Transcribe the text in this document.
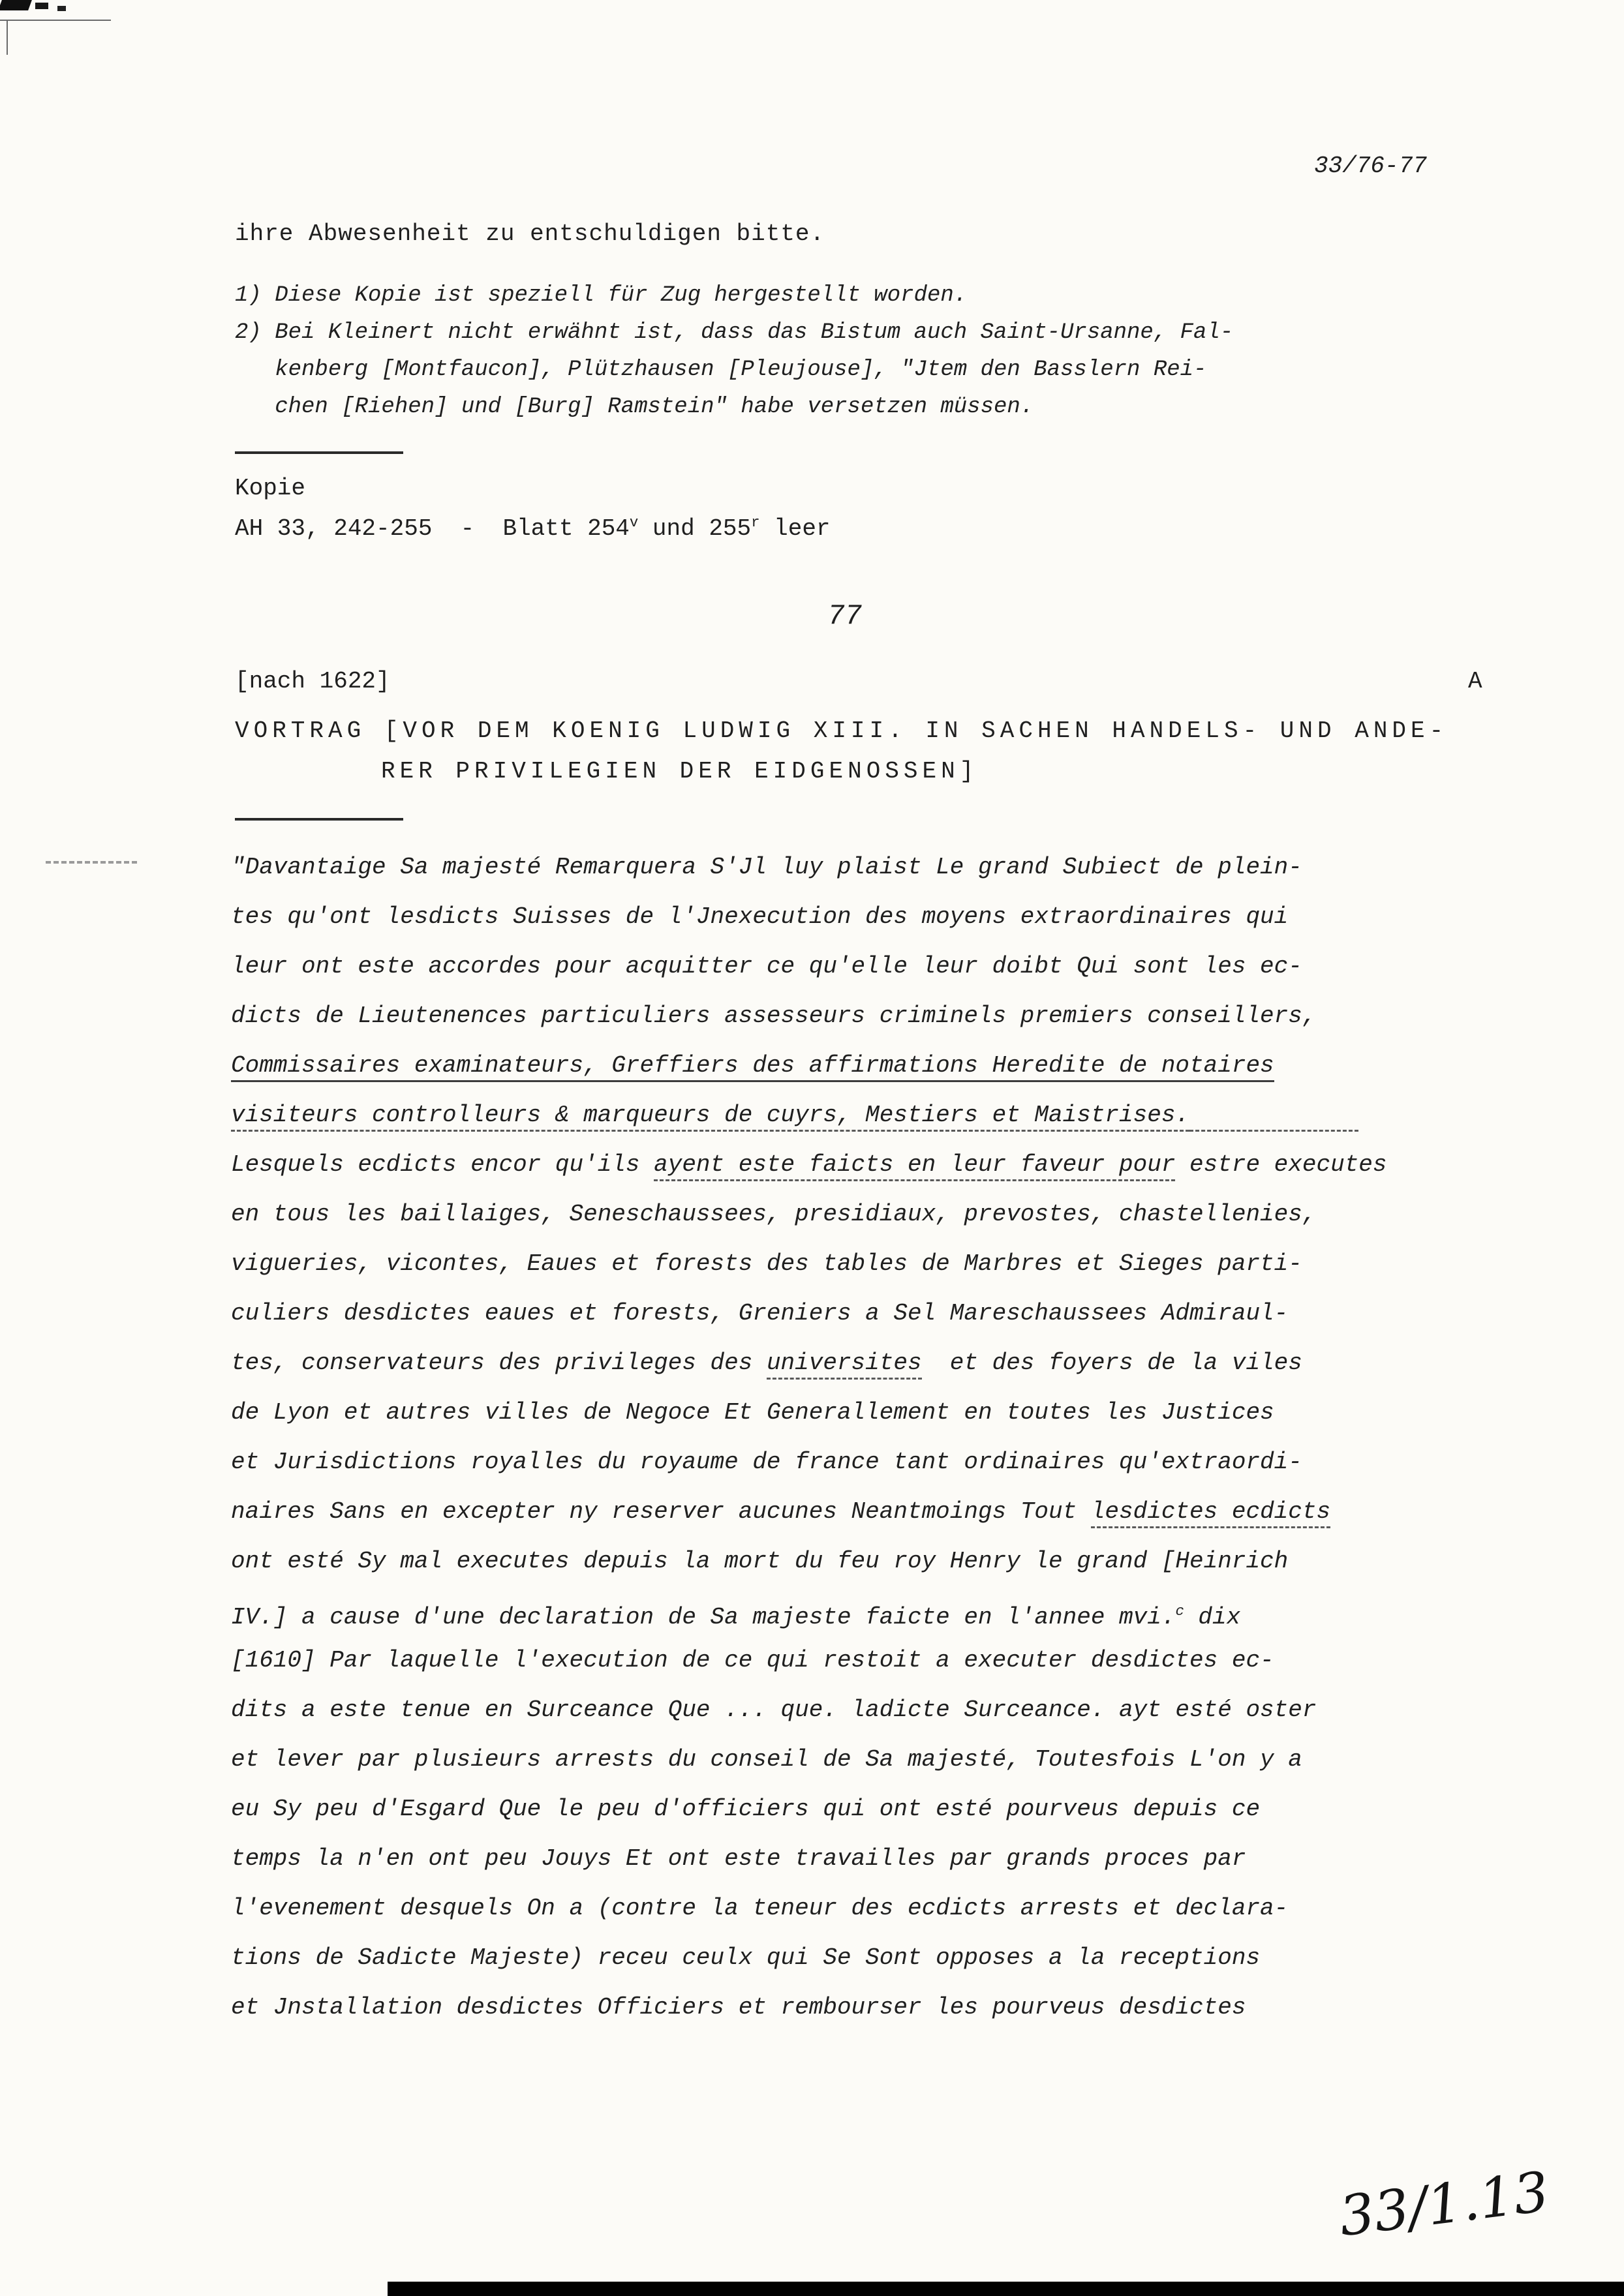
33/76-77
ihre Abwesenheit zu entschuldigen bitte.
1) Diese Kopie ist speziell für Zug hergestellt worden.
2) Bei Kleinert nicht erwähnt ist, dass das Bistum auch Saint-Ursanne, Fal-
kenberg [Montfaucon], Plützhausen [Pleujouse], "Jtem den Basslern Rei-
chen [Riehen] und [Burg] Ramstein" habe versetzen müssen.
Kopie
AH 33, 242-255  -  Blatt 254$^v$ und 255$^r$ leer
77
[nach 1622]	A
VORTRAG [VOR DEM KOENIG LUDWIG XIII. IN SACHEN HANDELS- UND ANDE-
RER PRIVILEGIEN DER EIDGENOSSEN]
"Davantaige Sa majesté Remarquera S'Jl luy plaist Le grand Subiect de plein-
tes qu'ont lesdicts Suisses de l'Jnexecution des moyens extraordinaires qui
leur ont este accordes pour acquitter ce qu'elle leur doibt Qui sont les ec-
dicts de Lieutenences particuliers assesseurs criminels premiers conseillers,
Commissaires examinateurs, Greffiers des affirmations Heredite de notaires
visiteurs controlleurs & marqueurs de cuyrs, Mestiers et Maistrises.
Lesquels ecdicts encor qu'ils ayent este faicts en leur faveur pour estre executes
en tous les baillaiges, Seneschaussees, presidiaux, prevostes, chastellenies,
vigueries, vicontes, Eaues et forests des tables de Marbres et Sieges parti-
culiers desdictes eaues et forests, Greniers a Sel Mareschaussees Admiraul-
tes, conservateurs des privileges des universites  et des foyers de la viles
de Lyon et autres villes de Negoce Et Generallement en toutes les Justices
et Jurisdictions royalles du royaume de france tant ordinaires qu'extraordi-
naires Sans en excepter ny reserver aucunes Neantmoings Tout lesdictes ecdicts
ont esté Sy mal executes depuis la mort du feu roy Henry le grand [Heinrich
IV.] a cause d'une declaration de Sa majeste faicte en l'annee mvi.$^c$ dix
[1610] Par laquelle l'execution de ce qui restoit a executer desdictes ec-
dits a este tenue en Surceance Que ... que. ladicte Surceance. ayt esté oster
et lever par plusieurs arrests du conseil de Sa majesté, Toutesfois L'on y a
eu Sy peu d'Esgard Que le peu d'officiers qui ont esté pourveus depuis ce
temps la n'en ont peu Jouys Et ont este travailles par grands proces par
l'evenement desquels On a (contre la teneur des ecdicts arrests et declara-
tions de Sadicte Majeste) receu ceulx qui Se Sont opposes a la receptions
et Jnstallation desdictes Officiers et rembourser les pourveus desdictes
33/1.13
